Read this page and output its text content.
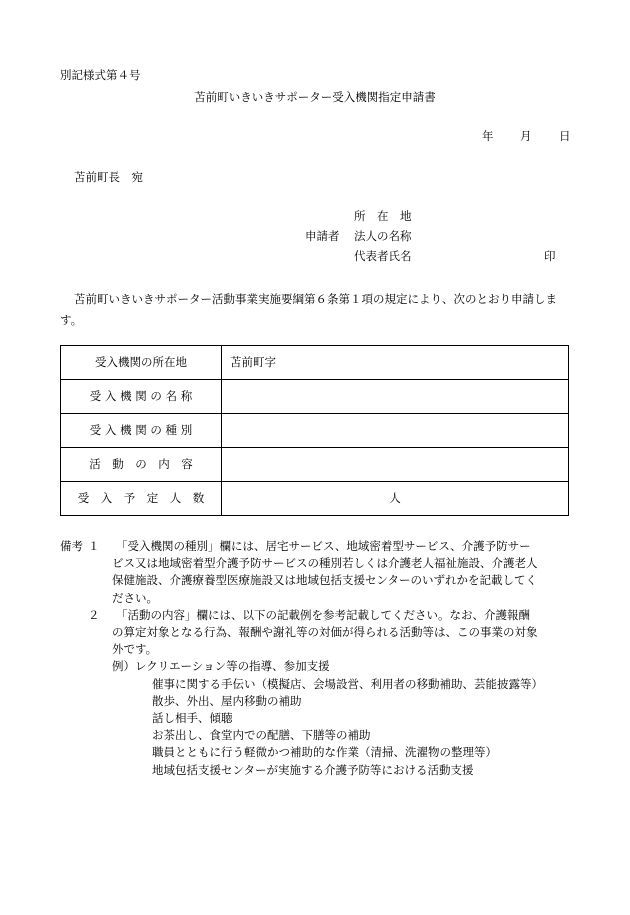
別記様式第４号
苫前町いきいきサポーター受入機関指定申請書
年 月 日
苫前町長　宛
所　在　地
申請者 法人の名称
代表者氏名	印
苫前町いきいきサポーター活動事業実施要綱第６条第１項の規定により、次のとおり申請します。
受入機関の所在地	苫前町字
受 入 機 関 の 名 称	
受 入 機 関 の 種 別	
活　動　の　内　容	
受　入　予　定　人　数	人
備考 １ 「受入機関の種別」欄には、居宅サービス、地域密着型サービス、介護予防サー
ビス又は地域密着型介護予防サービスの種別若しくは介護老人福祉施設、介護老人
保健施設、介護療養型医療施設又は地域包括支援センターのいずれかを記載してく
ださい。
２ 「活動の内容」欄には、以下の記載例を参考記載してください。なお、介護報酬
の算定対象となる行為、報酬や謝礼等の対価が得られる活動等は、この事業の対象
外です。
例）レクリエーション等の指導、参加支援
催事に関する手伝い（模擬店、会場設営、利用者の移動補助、芸能披露等）
散歩、外出、屋内移動の補助
話し相手、傾聴
お茶出し、食堂内での配膳、下膳等の補助
職員とともに行う軽微かつ補助的な作業（清掃、洗濯物の整理等）
地域包括支援センターが実施する介護予防等における活動支援
